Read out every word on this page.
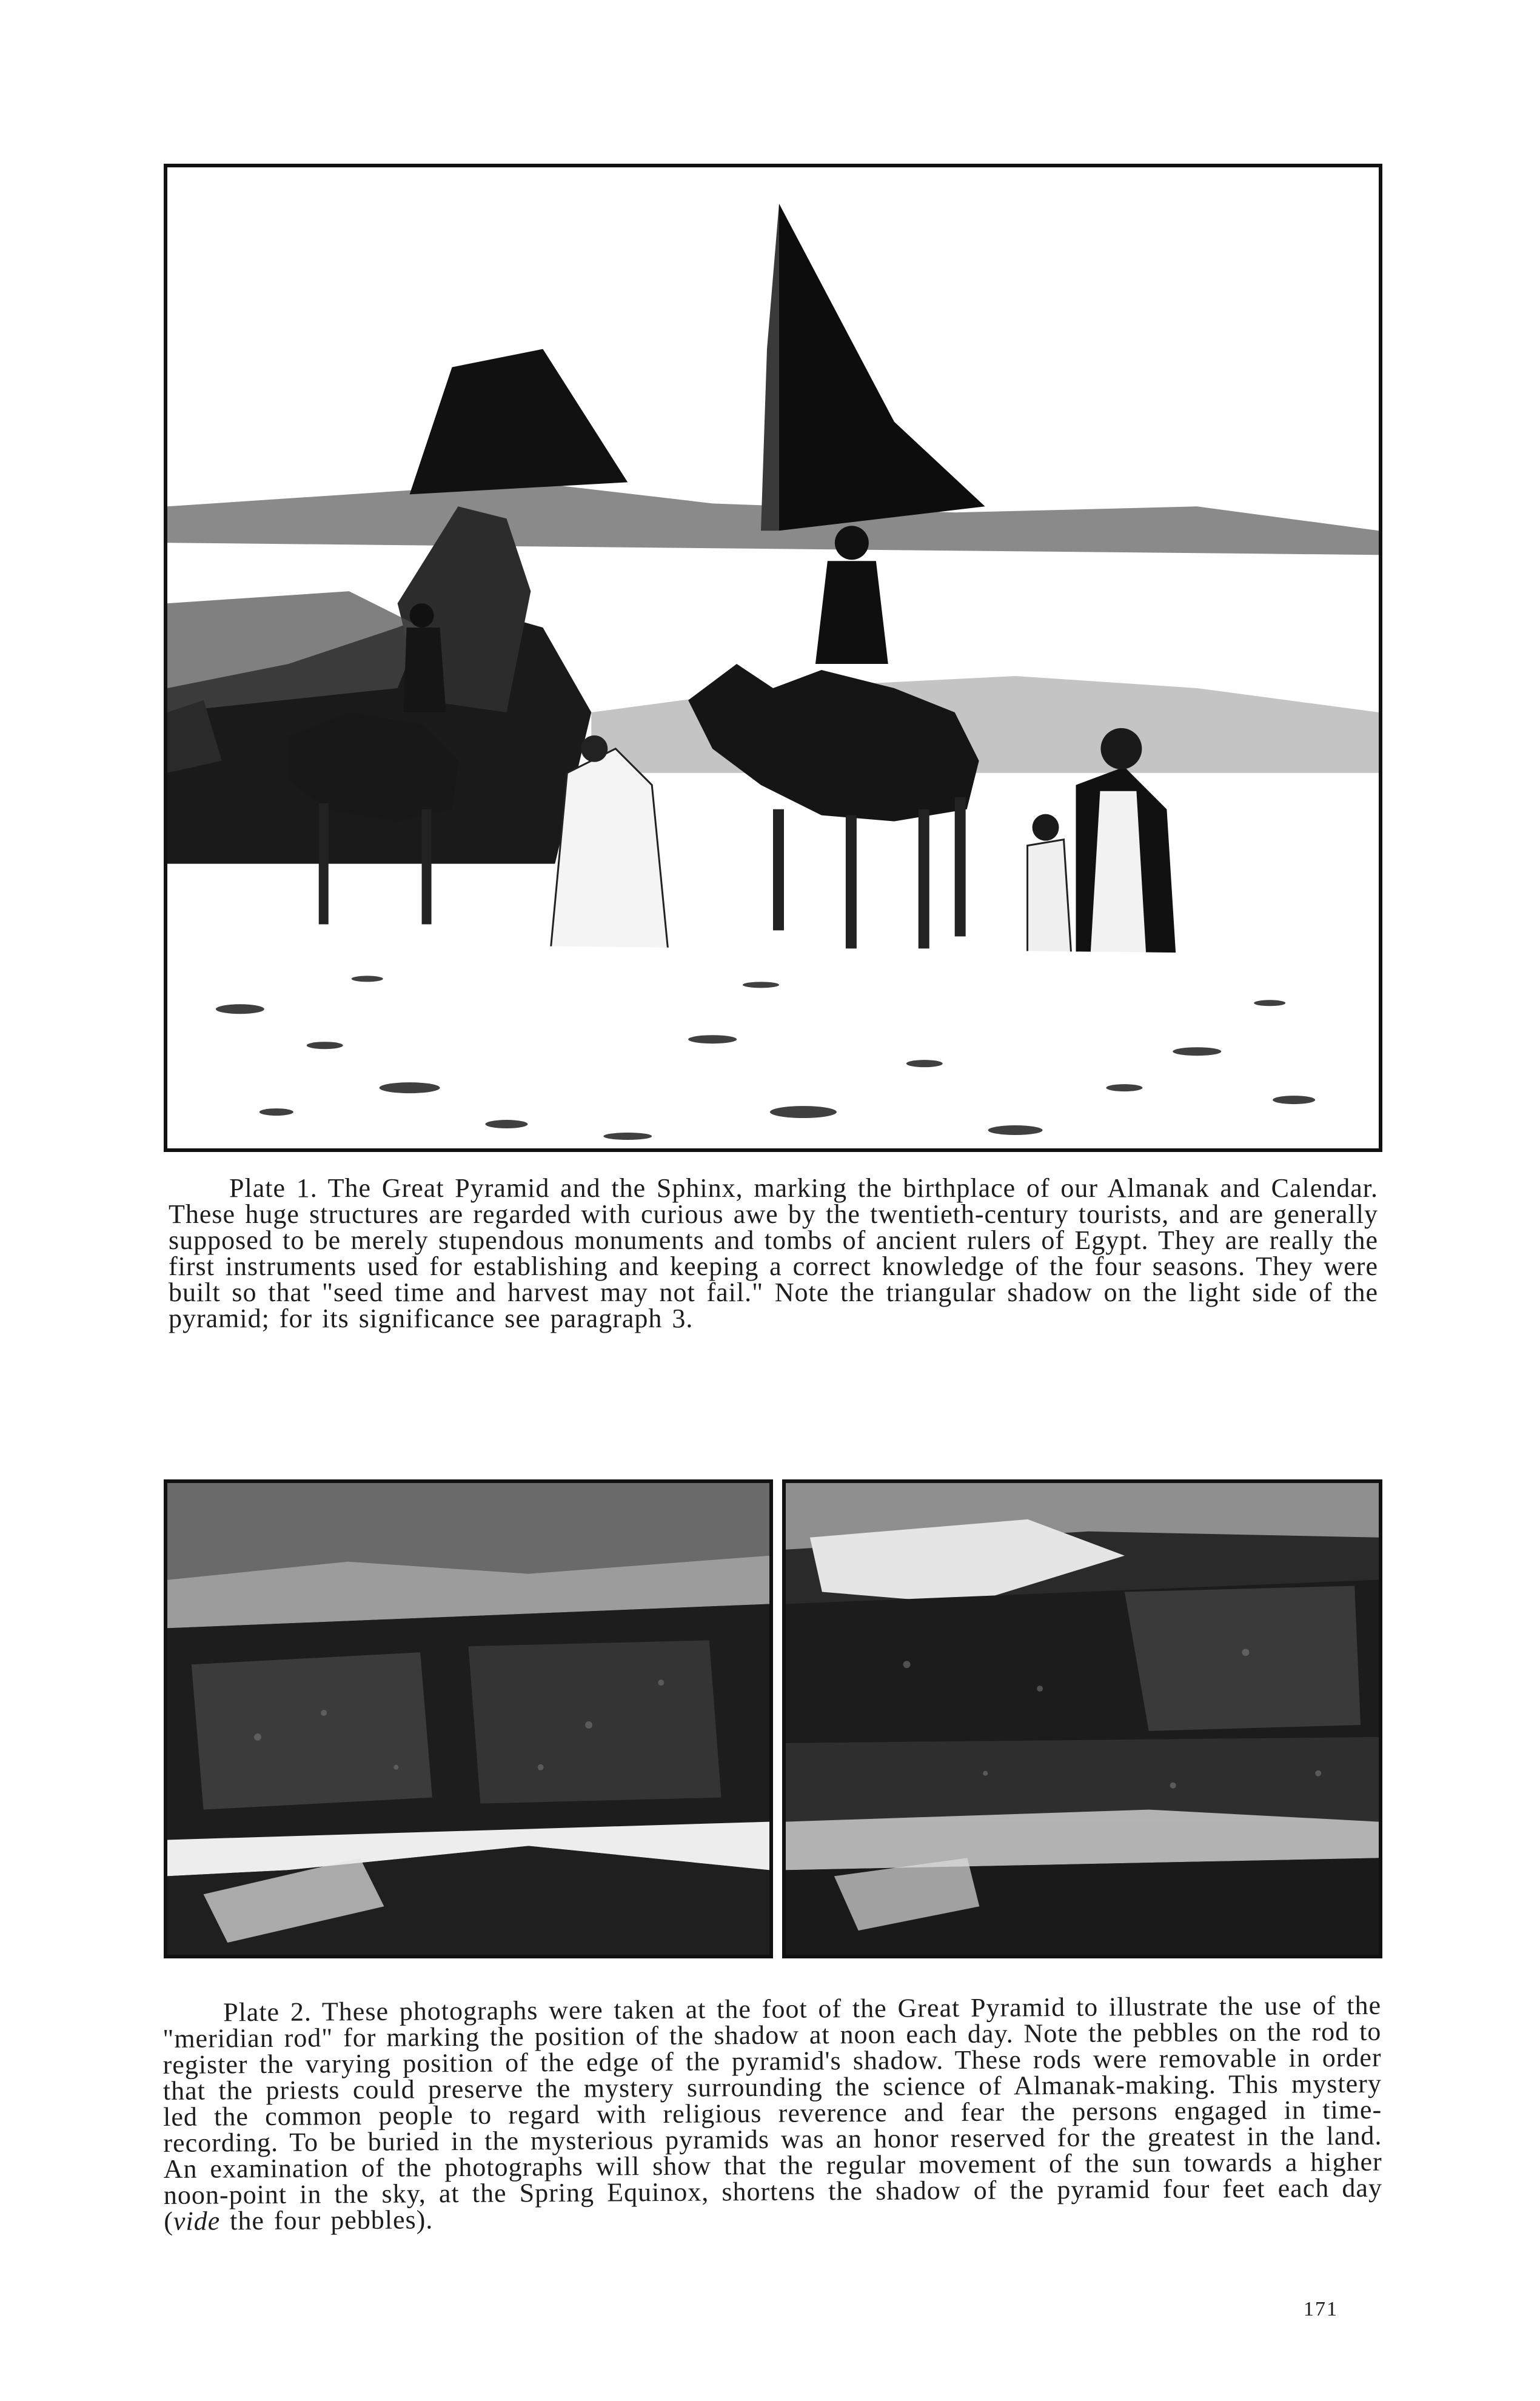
Plate 1. The Great Pyramid and the Sphinx, marking the birthplace of our Almanak and Calendar. These huge structures are regarded with curious awe by the twentieth-century tourists, and are generally supposed to be merely stupendous monuments and tombs of ancient rulers of Egypt. They are really the first instruments used for establishing and keeping a correct knowledge of the four seasons. They were built so that "seed time and harvest may not fail." Note the triangular shadow on the light side of the pyramid; for its significance see paragraph 3.

Plate 2. These photographs were taken at the foot of the Great Pyramid to illustrate the use of the "meridian rod" for marking the position of the shadow at noon each day. Note the pebbles on the rod to register the varying position of the edge of the pyramid's shadow. These rods were removable in order that the priests could preserve the mystery surrounding the science of Almanak-making. This mystery led the common people to regard with religious reverence and fear the persons engaged in time-recording. To be buried in the mysterious pyramids was an honor reserved for the greatest in the land. An examination of the photographs will show that the regular movement of the sun towards a higher noon-point in the sky, at the Spring Equinox, shortens the shadow of the pyramid four feet each day (vide the four pebbles).

171
